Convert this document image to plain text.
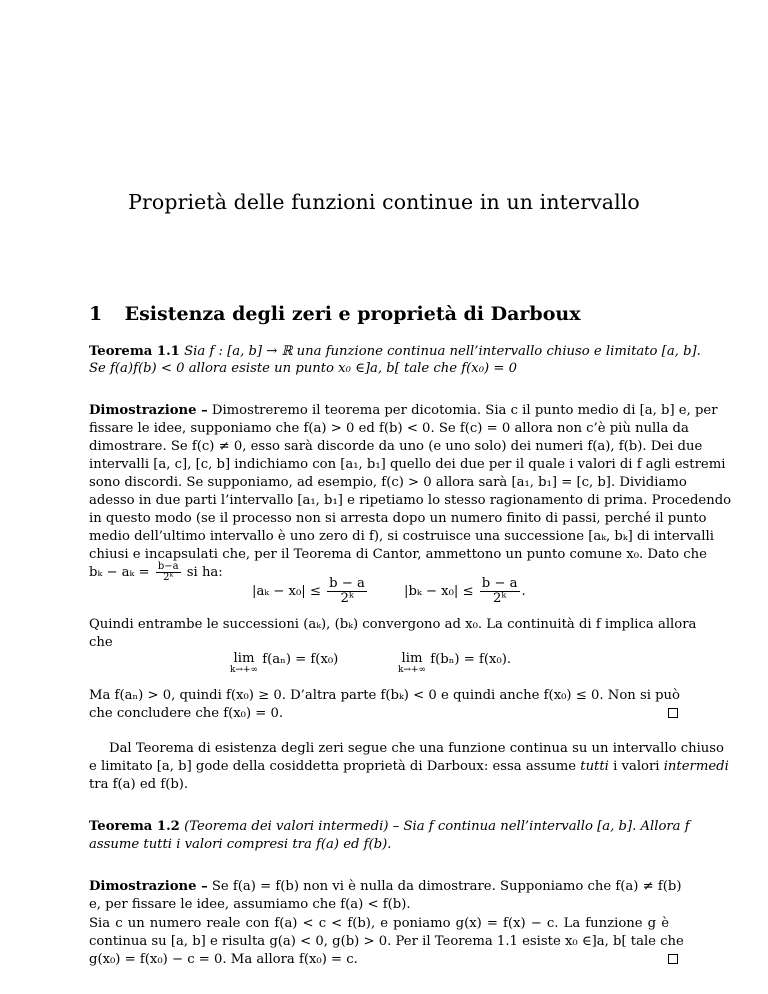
Proprietà delle funzioni continue in un intervallo
1 Esistenza degli zeri e proprietà di Darboux
Teorema 1.1 Sia f : [a, b] → ℝ una funzione continua nell’intervallo chiuso e limitato [a, b].
Se f(a)f(b) < 0 allora esiste un punto x₀ ∈]a, b[ tale che f(x₀) = 0
Dimostrazione – Dimostreremo il teorema per dicotomia. Sia c il punto medio di [a, b] e, per
fissare le idee, supponiamo che f(a) > 0 ed f(b) < 0. Se f(c) = 0 allora non c’è più nulla da
dimostrare. Se f(c) ≠ 0, esso sarà discorde da uno (e uno solo) dei numeri f(a), f(b). Dei due
intervalli [a, c], [c, b] indichiamo con [a₁, b₁] quello dei due per il quale i valori di f agli estremi
sono discordi. Se supponiamo, ad esempio, f(c) > 0 allora sarà [a₁, b₁] = [c, b]. Dividiamo
adesso in due parti l’intervallo [a₁, b₁] e ripetiamo lo stesso ragionamento di prima. Procedendo
in questo modo (se il processo non si arresta dopo un numero finito di passi, perché il punto
medio dell’ultimo intervallo è uno zero di f), si costruisce una successione [aₖ, bₖ] di intervalli
chiusi e incapsulati che, per il Teorema di Cantor, ammettono un punto comune x₀. Dato che
$b_k - a_k = \frac{b-a}{\text{2ᵏ}}$ si ha:
$|a_k - x_0| \le \frac{b - a}{\text{2ᵏ}}$	$|b_k - x_0| \le \frac{b - a}{\text{2ᵏ}}$ .
Quindi entrambe le successioni (aₖ), (bₖ) convergono ad x₀. La continuità di f implica allora
che
lim
k→+∞
f(aₙ) = f(x₀)	lim
k→+∞
f(bₙ) = f(x₀).
Ma f(aₙ) > 0, quindi f(x₀) ≥ 0. D’altra parte f(bₖ) < 0 e quindi anche f(x₀) ≤ 0. Non si può
che concludere che f(x₀) = 0.
Dal Teorema di esistenza degli zeri segue che una funzione continua su un intervallo chiuso
e limitato [a, b] gode della cosiddetta proprietà di Darboux: essa assume tutti i valori intermedi
tra f(a) ed f(b).
Teorema 1.2 (Teorema dei valori intermedi) – Sia f continua nell’intervallo [a, b]. Allora f
assume tutti i valori compresi tra f(a) ed f(b).
Dimostrazione – Se f(a) = f(b) non vi è nulla da dimostrare. Supponiamo che f(a) ≠ f(b)
e, per fissare le idee, assumiamo che f(a) < f(b).
Sia c un numero reale con f(a) < c < f(b), e poniamo g(x) = f(x) − c. La funzione g è
continua su [a, b] e risulta g(a) < 0, g(b) > 0. Per il Teorema 1.1 esiste x₀ ∈]a, b[ tale che
g(x₀) = f(x₀) − c = 0. Ma allora f(x₀) = c.
